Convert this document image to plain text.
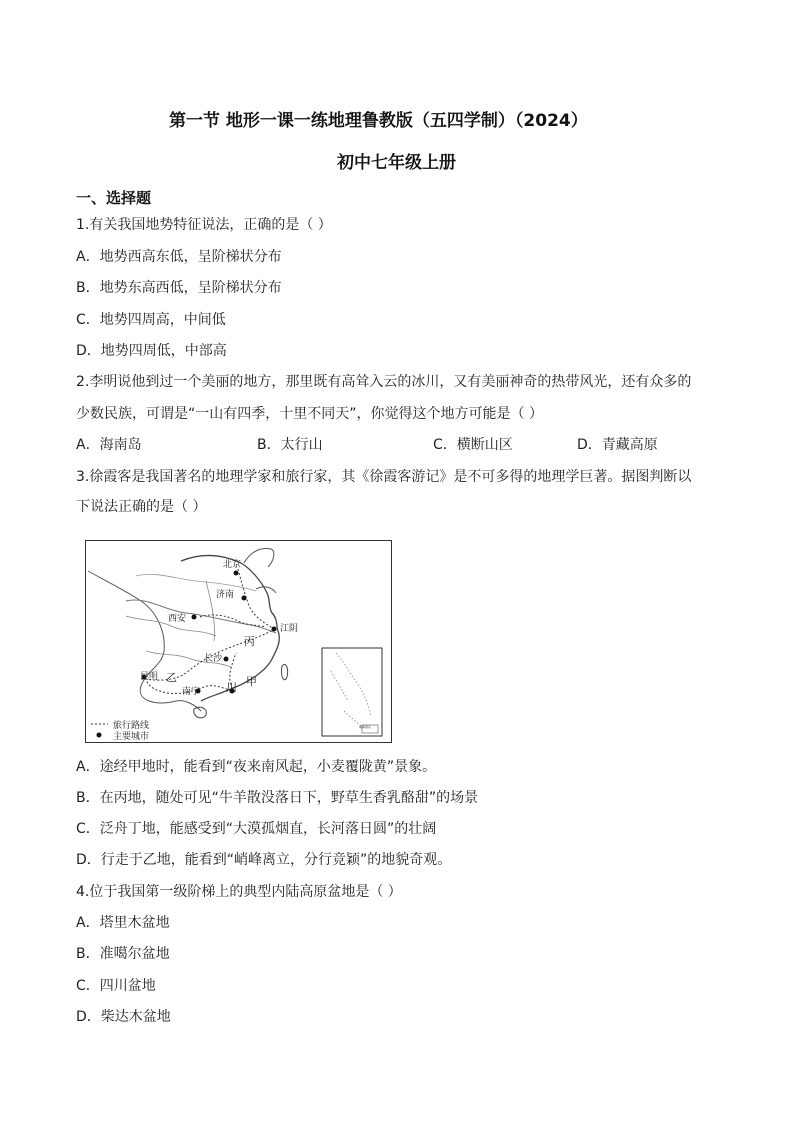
第一节 地形一课一练地理鲁教版（五四学制）（2024）
初中七年级上册
一、选择题
1.有关我国地势特征说法，正确的是（ ）
A．地势西高东低，呈阶梯状分布
B．地势东高西低，呈阶梯状分布
C．地势四周高，中间低
D．地势四周低，中部高
2.李明说他到过一个美丽的地方，那里既有高耸入云的冰川，又有美丽神奇的热带风光，还有众多的
少数民族，可谓是“一山有四季，十里不同天”，你觉得这个地方可能是（ ）
A．海南岛	B．太行山	C．横断山区	D．青藏高原
3.徐霞客是我国著名的地理学家和旅行家，其《徐霞客游记》是不可多得的地理学巨著。据图判断以
下说法正确的是（ ）
北京
济南
西安
江阴
长沙
昆明
南宁
丙
乙	甲
川
旅行路线
主要城市
南海诸岛
A．途经甲地时，能看到“夜来南风起，小麦覆陇黄”景象。
B．在丙地，随处可见“牛羊散没落日下，野草生香乳酪甜”的场景
C．泛舟丁地，能感受到“大漠孤烟直，长河落日圆”的壮阔
D．行走于乙地，能看到“峭峰离立，分行竞颖”的地貌奇观。
4.位于我国第一级阶梯上的典型内陆高原盆地是（ ）
A．塔里木盆地
B．准噶尔盆地
C．四川盆地
D．柴达木盆地
